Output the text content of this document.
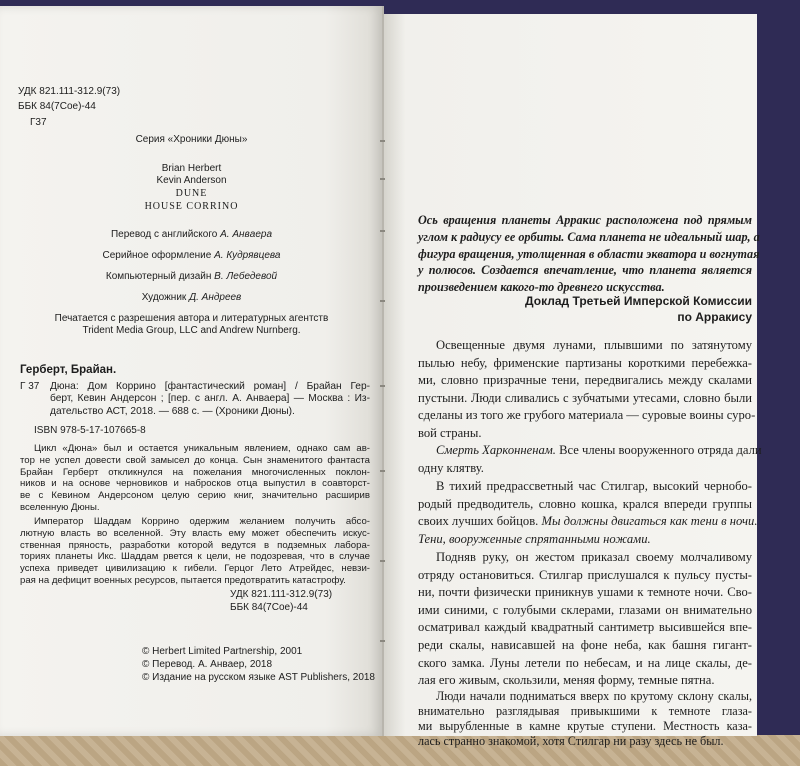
УДК 821.111-312.9(73)
ББК 84(7Сое)-44
Г37
Серия «Хроники Дюны»
Brian Herbert
Kevin Anderson
DUNE
HOUSE CORRINO
Перевод с английского А. Анвaера
Серийное оформление А. Кудрявцева
Компьютерный дизайн В. Лебедевой
Художник Д. Андреев
Печатается с разрешения автора и литературных агентств
Trident Media Group, LLC and Andrew Nurnberg.
Герберт, Брайан.
Г 37 Дюна: Дом Коррино [фантастический роман] / Брайан Гер-
берт, Кевин Андерсон ; [пер. с англ. А. Анваера] — Москва : Из-
дательство АСТ, 2018. — 688 с. — (Хроники Дюны).
ISBN 978-5-17-107665-8
Цикл «Дюна» был и остается уникальным явлением, однако сам ав-
тор не успел довести свой замысел до конца. Сын знаменитого фантаста
Брайан Герберт откликнулся на пожелания многочисленных поклон-
ников и на основе черновиков и набросков отца выпустил в соавторст-
ве с Кевином Андерсоном целую серию книг, значительно расширив
вселенную Дюны.
Император Шаддам Коррино одержим желанием получить абсо-
лютную власть во вселенной. Эту власть ему может обеспечить искус-
ственная пряность, разработки которой ведутся в подземных лабора-
ториях планеты Икс. Шаддам рвется к цели, не подозревая, что в случае
успеха приведет цивилизацию к гибели. Герцог Лето Атрейдес, невзи-
рая на дефицит военных ресурсов, пытается предотвратить катастрофу.
УДК 821.111-312.9(73)
ББК 84(7Сое)-44
© Herbert Limited Partnership, 2001
© Перевод. А. Анваер, 2018
© Издание на русском языке AST Publishers, 2018
Ось вращения планеты Арракис расположена под прямым
углом к радиусу ее орбиты. Сама планета не идеальный шар, а
фигура вращения, утолщенная в области экватора и вогнутая
у полюсов. Создается впечатление, что планета является
произведением какого-то древнего искусства.
Доклад Третьей Имперской Комиссии
по Арракису
Освещенные двумя лунами, плывшими по затянутому
пылью небу, фрименские партизаны короткими перебежка-
ми, словно призрачные тени, передвигались между скалами
пустыни. Люди сливались с зубчатыми утесами, словно были
сделаны из того же грубого материала — суровые воины суро-
вой страны.
Смерть Харконненам. Все члены вооруженного отряда дали
одну клятву.
В тихий предрассветный час Стилгар, высокий чернобо-
родый предводитель, словно кошка, крался впереди группы
своих лучших бойцов. Мы должны двигаться как тени в ночи.
Тени, вооруженные спрятанными ножами.
Подняв руку, он жестом приказал своему молчаливому
отряду остановиться. Стилгар прислушался к пульсу пусты-
ни, почти физически приникнув ушами к темноте ночи. Сво-
ими синими, с голубыми склерами, глазами он внимательно
осматривал каждый квадратный сантиметр высившейся впе-
реди скалы, нависавшей на фоне неба, как башня гигант-
ского замка. Луны летели по небесам, и на лице скалы, де-
лая его живым, скользили, меняя форму, темные пятна.
Люди начали подниматься вверх по крутому склону скалы,
внимательно разглядывая привыкшими к темноте глаза-
ми вырубленные в камне крутые ступени. Местность каза-
лась странно знакомой, хотя Стилгар ни разу здесь не был.
